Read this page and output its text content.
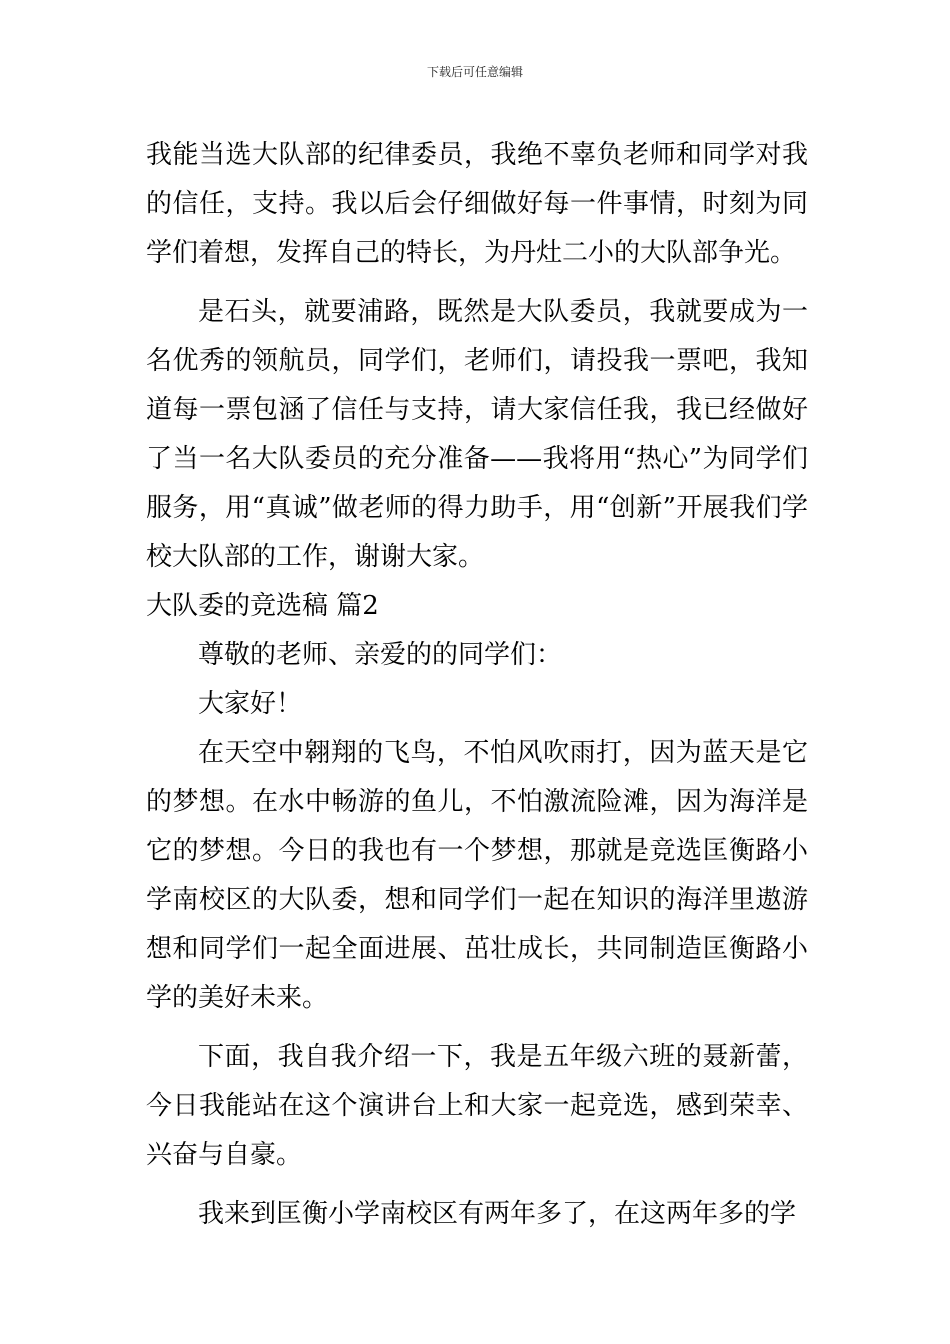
下载后可任意编辑

我能当选大队部的纪律委员，我绝不辜负老师和同学对我的信任，支持。我以后会仔细做好每一件事情，时刻为同学们着想，发挥自己的特长，为丹灶二小的大队部争光。

是石头，就要浦路，既然是大队委员，我就要成为一名优秀的领航员，同学们，老师们，请投我一票吧，我知道每一票包涵了信任与支持，请大家信任我，我已经做好了当一名大队委员的充分准备——我将用“热心”为同学们服务，用“真诚”做老师的得力助手，用“创新”开展我们学校大队部的工作，谢谢大家。

大队委的竞选稿 篇2

尊敬的老师、亲爱的的同学们：

大家好！

在天空中翱翔的飞鸟，不怕风吹雨打，因为蓝天是它的梦想。在水中畅游的鱼儿，不怕激流险滩，因为海洋是它的梦想。今日的我也有一个梦想，那就是竞选匡衡路小学南校区的大队委，想和同学们一起在知识的海洋里遨游想和同学们一起全面进展、茁壮成长，共同制造匡衡路小学的美好未来。

下面，我自我介绍一下，我是五年级六班的聂新蕾，今日我能站在这个演讲台上和大家一起竞选，感到荣幸、兴奋与自豪。

我来到匡衡小学南校区有两年多了，在这两年多的学
